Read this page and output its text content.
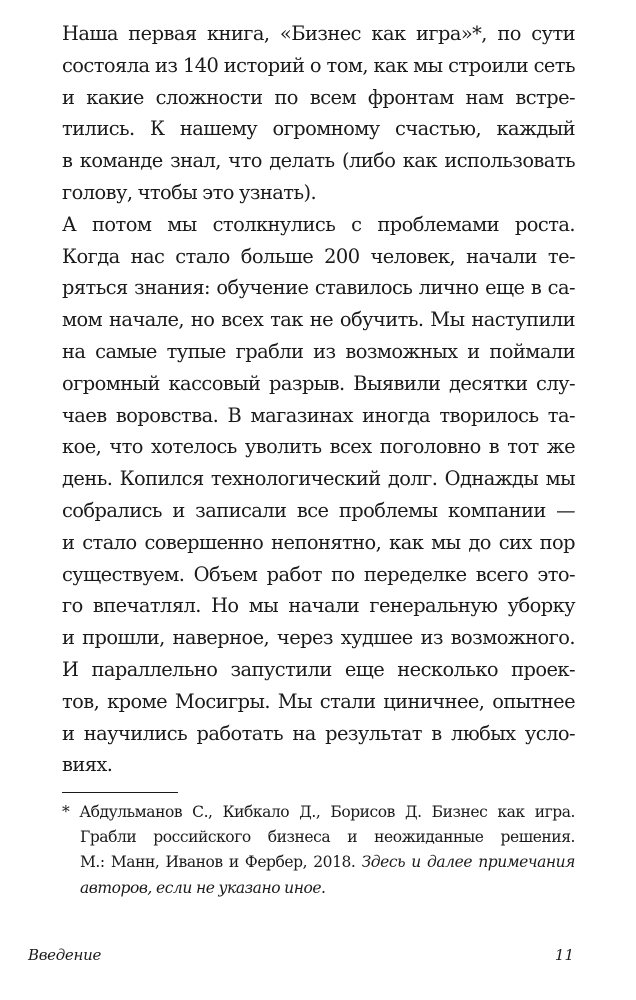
Наша первая книга, «Бизнес как игра»*, по сути
состояла из 140 историй о том, как мы строили сеть
и какие сложности по всем фронтам нам встре-
тились. К нашему огромному счастью, каждый
в команде знал, что делать (либо как использовать
голову, чтобы это узнать).
А потом мы столкнулись с проблемами роста.
Когда нас стало больше 200 человек, начали те-
ряться знания: обучение ставилось лично еще в са-
мом начале, но всех так не обучить. Мы наступили
на самые тупые грабли из возможных и поймали
огромный кассовый разрыв. Выявили десятки слу-
чаев воровства. В магазинах иногда творилось та-
кое, что хотелось уволить всех поголовно в тот же
день. Копился технологический долг. Однажды мы
собрались и записали все проблемы компании —
и стало совершенно непонятно, как мы до сих пор
существуем. Объем работ по переделке всего это-
го впечатлял. Но мы начали генеральную уборку
и прошли, наверное, через худшее из возможного.
И параллельно запустили еще несколько проек-
тов, кроме Мосигры. Мы стали циничнее, опытнее
и научились работать на результат в любых усло-
виях.
* Абдульманов С., Кибкало Д., Борисов Д. Бизнес как игра.
Грабли российского бизнеса и неожиданные решения.
М.: Манн, Иванов и Фербер, 2018. Здесь и далее примечания
авторов, если не указано иное.
Введение	11
